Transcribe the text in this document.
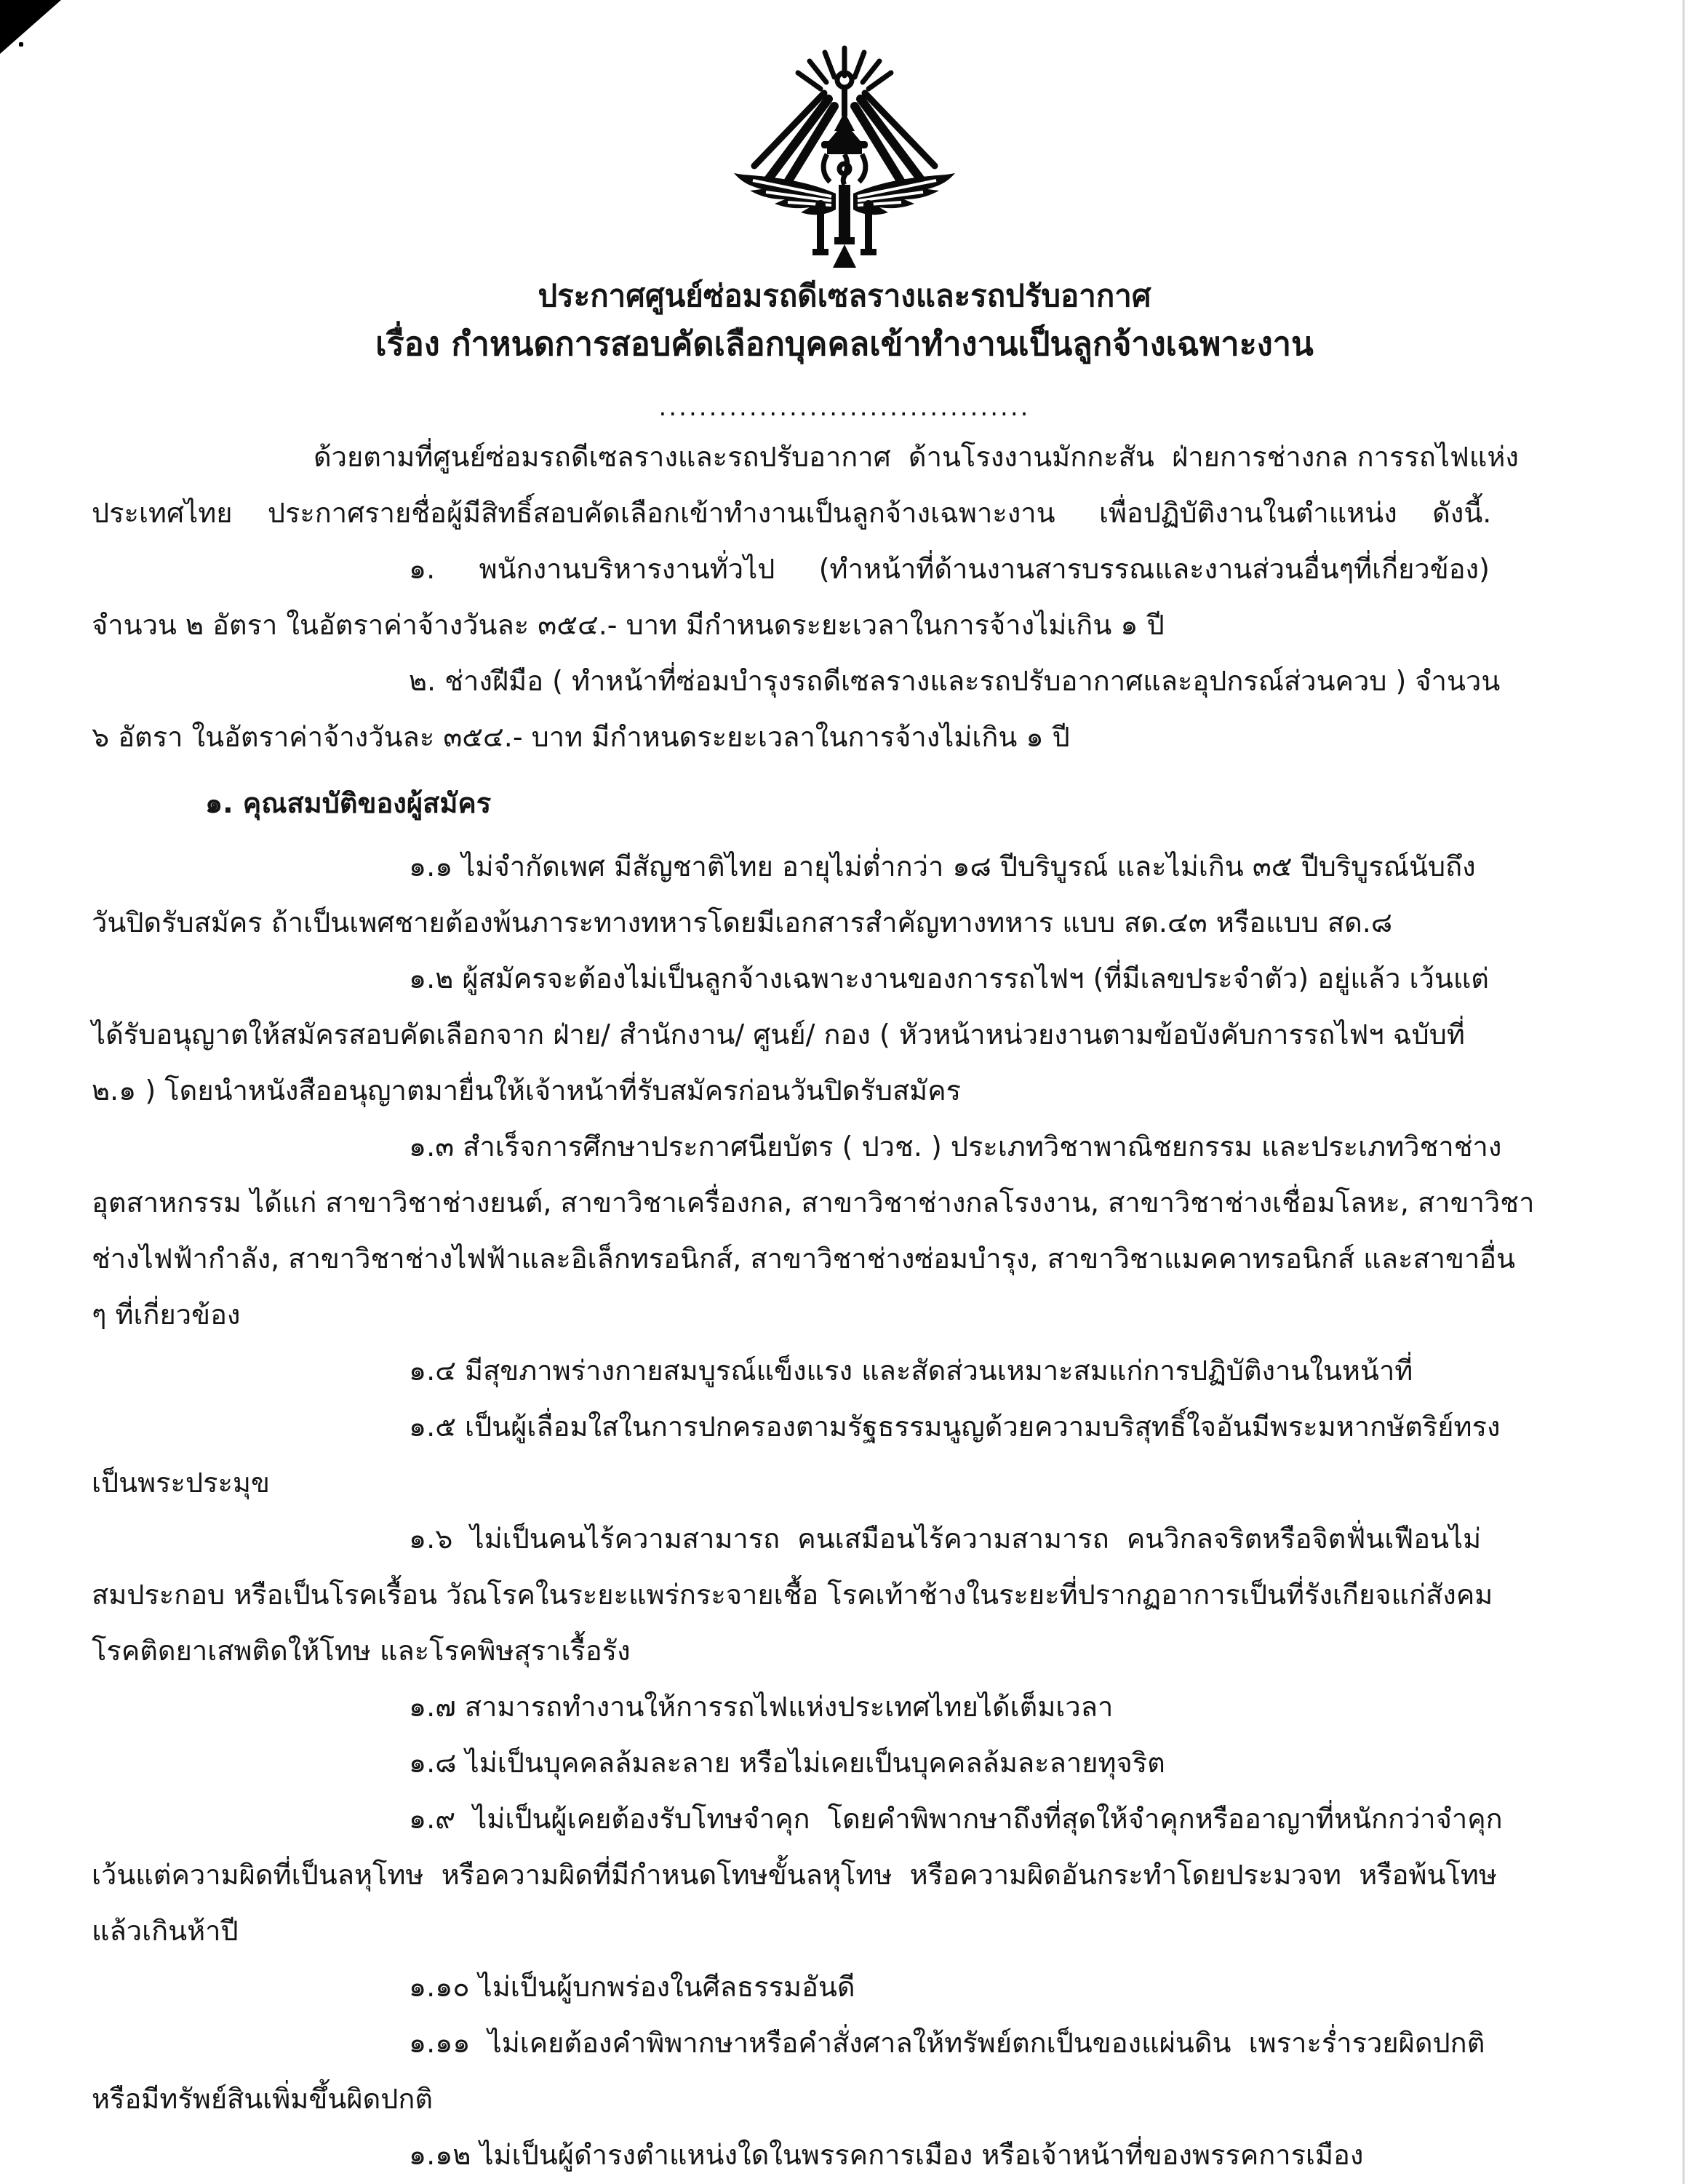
ประกาศศูนย์ซ่อมรถดีเซลรางและรถปรับอากาศ
เรื่อง กำหนดการสอบคัดเลือกบุคคลเข้าทำงานเป็นลูกจ้างเฉพาะงาน
.....................................
ด้วยตามที่ศูนย์ซ่อมรถดีเซลรางและรถปรับอากาศ  ด้านโรงงานมักกะสัน  ฝ่ายการช่างกล การรถไฟแห่ง
ประเทศไทย    ประกาศรายชื่อผู้มีสิทธิ์สอบคัดเลือกเข้าทำงานเป็นลูกจ้างเฉพาะงาน     เพื่อปฏิบัติงานในตำแหน่ง    ดังนี้.
๑.     พนักงานบริหารงานทั่วไป     (ทำหน้าที่ด้านงานสารบรรณและงานส่วนอื่นๆที่เกี่ยวข้อง)
จำนวน ๒ อัตรา ในอัตราค่าจ้างวันละ ๓๕๔.- บาท มีกำหนดระยะเวลาในการจ้างไม่เกิน ๑ ปี
๒. ช่างฝีมือ ( ทำหน้าที่ซ่อมบำรุงรถดีเซลรางและรถปรับอากาศและอุปกรณ์ส่วนควบ ) จำนวน
๖ อัตรา ในอัตราค่าจ้างวันละ ๓๕๔.- บาท มีกำหนดระยะเวลาในการจ้างไม่เกิน ๑ ปี
๑. คุณสมบัติของผู้สมัคร
๑.๑ ไม่จำกัดเพศ มีสัญชาติไทย อายุไม่ต่ำกว่า ๑๘ ปีบริบูรณ์ และไม่เกิน ๓๕ ปีบริบูรณ์นับถึง
วันปิดรับสมัคร ถ้าเป็นเพศชายต้องพ้นภาระทางทหารโดยมีเอกสารสำคัญทางทหาร แบบ สด.๔๓ หรือแบบ สด.๘
๑.๒ ผู้สมัครจะต้องไม่เป็นลูกจ้างเฉพาะงานของการรถไฟฯ (ที่มีเลขประจำตัว) อยู่แล้ว เว้นแต่
ได้รับอนุญาตให้สมัครสอบคัดเลือกจาก ฝ่าย/ สำนักงาน/ ศูนย์/ กอง ( หัวหน้าหน่วยงานตามข้อบังคับการรถไฟฯ ฉบับที่
๒.๑ ) โดยนำหนังสืออนุญาตมายื่นให้เจ้าหน้าที่รับสมัครก่อนวันปิดรับสมัคร
๑.๓ สำเร็จการศึกษาประกาศนียบัตร ( ปวช. ) ประเภทวิชาพาณิชยกรรม และประเภทวิชาช่าง
อุตสาหกรรม ได้แก่ สาขาวิชาช่างยนต์, สาขาวิชาเครื่องกล, สาขาวิชาช่างกลโรงงาน, สาขาวิชาช่างเชื่อมโลหะ, สาขาวิชา
ช่างไฟฟ้ากำลัง, สาขาวิชาช่างไฟฟ้าและอิเล็กทรอนิกส์, สาขาวิชาช่างซ่อมบำรุง, สาขาวิชาแมคคาทรอนิกส์ และสาขาอื่น
ๆ ที่เกี่ยวข้อง
๑.๔ มีสุขภาพร่างกายสมบูรณ์แข็งแรง และสัดส่วนเหมาะสมแก่การปฏิบัติงานในหน้าที่
๑.๕ เป็นผู้เลื่อมใสในการปกครองตามรัฐธรรมนูญด้วยความบริสุทธิ์ใจอันมีพระมหากษัตริย์ทรง
เป็นพระประมุข
๑.๖  ไม่เป็นคนไร้ความสามารถ  คนเสมือนไร้ความสามารถ  คนวิกลจริตหรือจิตฟั่นเฟือนไม่
สมประกอบ หรือเป็นโรคเรื้อน วัณโรคในระยะแพร่กระจายเชื้อ โรคเท้าช้างในระยะที่ปรากฏอาการเป็นที่รังเกียจแก่สังคม
โรคติดยาเสพติดให้โทษ และโรคพิษสุราเรื้อรัง
๑.๗ สามารถทำงานให้การรถไฟแห่งประเทศไทยได้เต็มเวลา
๑.๘ ไม่เป็นบุคคลล้มละลาย หรือไม่เคยเป็นบุคคลล้มละลายทุจริต
๑.๙  ไม่เป็นผู้เคยต้องรับโทษจำคุก  โดยคำพิพากษาถึงที่สุดให้จำคุกหรืออาญาที่หนักกว่าจำคุก
เว้นแต่ความผิดที่เป็นลหุโทษ  หรือความผิดที่มีกำหนดโทษขั้นลหุโทษ  หรือความผิดอันกระทำโดยประมวจท  หรือพ้นโทษ
แล้วเกินห้าปี
๑.๑๐ ไม่เป็นผู้บกพร่องในศีลธรรมอันดี
๑.๑๑  ไม่เคยต้องคำพิพากษาหรือคำสั่งศาลให้ทรัพย์ตกเป็นของแผ่นดิน  เพราะร่ำรวยผิดปกติ
หรือมีทรัพย์สินเพิ่มขึ้นผิดปกติ
๑.๑๒ ไม่เป็นผู้ดำรงตำแหน่งใดในพรรคการเมือง หรือเจ้าหน้าที่ของพรรคการเมือง
